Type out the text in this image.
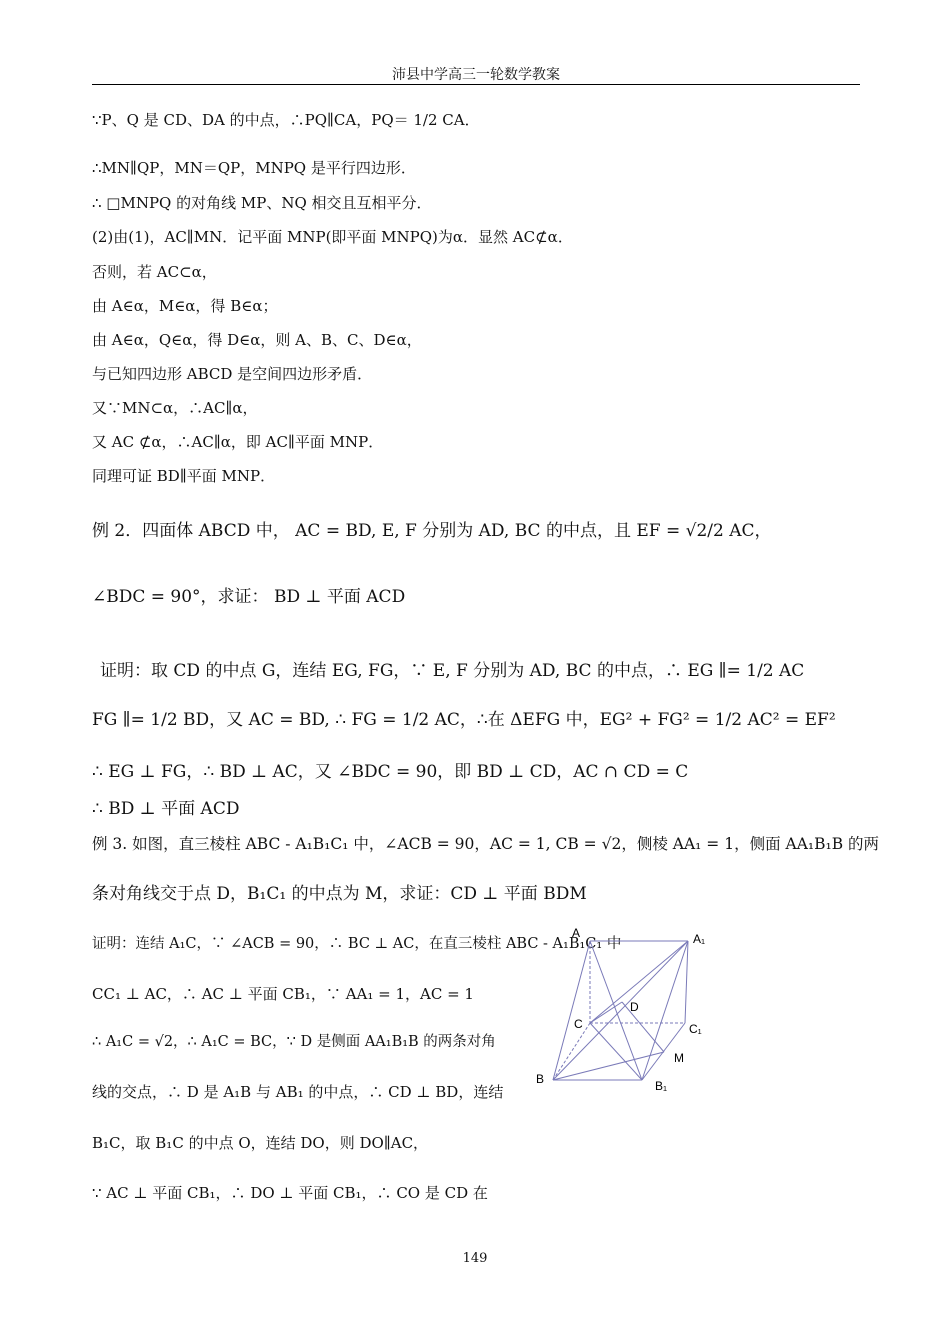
沛县中学高三一轮数学教案
∵P、Q 是 CD、DA 的中点，∴PQ∥CA，PQ＝ 1/2 CA．
∴MN∥QP，MN＝QP，MNPQ 是平行四边形．
∴ □MNPQ 的对角线 MP、NQ 相交且互相平分．
(2)由(1)，AC∥MN．记平面 MNP(即平面 MNPQ)为α．显然 AC⊄α．
否则，若 AC⊂α，
由 A∈α，M∈α，得 B∈α；
由 A∈α，Q∈α，得 D∈α，则 A、B、C、D∈α，
与已知四边形 ABCD 是空间四边形矛盾．
又∵MN⊂α，∴AC∥α，
又 AC ⊄α，∴AC∥α，即 AC∥平面 MNP．
同理可证 BD∥平面 MNP．
例 2．四面体 ABCD 中， AC = BD, E, F 分别为 AD, BC 的中点，且 EF = √2/2 AC，
∠BDC = 90°，求证： BD ⊥ 平面 ACD
证明：取 CD 的中点 G，连结 EG, FG，∵ E, F 分别为 AD, BC 的中点，∴ EG ∥= 1/2 AC
FG ∥= 1/2 BD，又 AC = BD, ∴ FG = 1/2 AC，∴在 ΔEFG 中，EG² + FG² = 1/2 AC² = EF²
∴ EG ⊥ FG，∴ BD ⊥ AC，又 ∠BDC = 90，即 BD ⊥ CD，AC ∩ CD = C
∴ BD ⊥ 平面 ACD
例 3. 如图，直三棱柱 ABC - A₁B₁C₁ 中，∠ACB = 90，AC = 1, CB = √2，侧棱 AA₁ = 1，侧面 AA₁B₁B 的两
条对角线交于点 D，B₁C₁ 的中点为 M，求证：CD ⊥ 平面 BDM
证明：连结 A₁C，∵ ∠ACB = 90，∴ BC ⊥ AC，在直三棱柱 ABC - A₁B₁C₁ 中
CC₁ ⊥ AC，∴ AC ⊥ 平面 CB₁，∵ AA₁ = 1，AC = 1
∴ A₁C = √2，∴ A₁C = BC，∵ D 是侧面 AA₁B₁B 的两条对角
线的交点，∴ D 是 A₁B 与 AB₁ 的中点，∴ CD ⊥ BD，连结
B₁C，取 B₁C 的中点 O，连结 DO，则 DO∥AC，
∵ AC ⊥ 平面 CB₁，∴ DO ⊥ 平面 CB₁，∴ CO 是 CD 在
A	A₁
C	C₁
D
M
B	B₁
149
